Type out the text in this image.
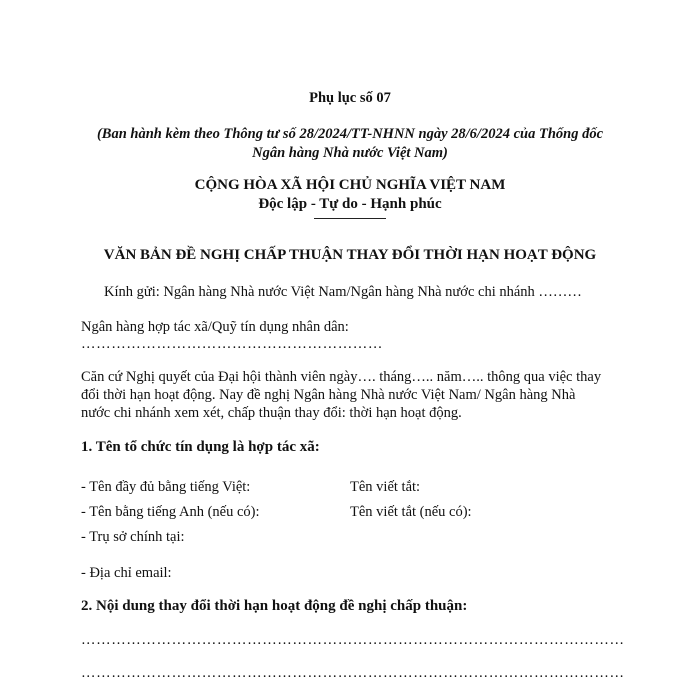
Phụ lục số 07
(Ban hành kèm theo Thông tư số 28/2024/TT-NHNN ngày 28/6/2024 của Thống đốc
Ngân hàng Nhà nước Việt Nam)
CỘNG HÒA XÃ HỘI CHỦ NGHĨA VIỆT NAM
Độc lập - Tự do - Hạnh phúc
VĂN BẢN ĐỀ NGHỊ CHẤP THUẬN THAY ĐỔI THỜI HẠN HOẠT ĐỘNG
Kính gửi: Ngân hàng Nhà nước Việt Nam/Ngân hàng Nhà nước chi nhánh ………
Ngân hàng hợp tác xã/Quỹ tín dụng nhân dân:
……………………………………………………
Căn cứ Nghị quyết của Đại hội thành viên ngày…. tháng….. năm….. thông qua việc thay
đổi thời hạn hoạt động. Nay đề nghị Ngân hàng Nhà nước Việt Nam/ Ngân hàng Nhà
nước chi nhánh xem xét, chấp thuận thay đổi: thời hạn hoạt động.
1. Tên tổ chức tín dụng là hợp tác xã:
- Tên đầy đủ bằng tiếng Việt:	Tên viết tắt:
- Tên bằng tiếng Anh (nếu có):	Tên viết tắt (nếu có):
- Trụ sở chính tại:
- Địa chỉ email:
2. Nội dung thay đổi thời hạn hoạt động đề nghị chấp thuận:
………………………………………………………………………………………………
………………………………………………………………………………………………
